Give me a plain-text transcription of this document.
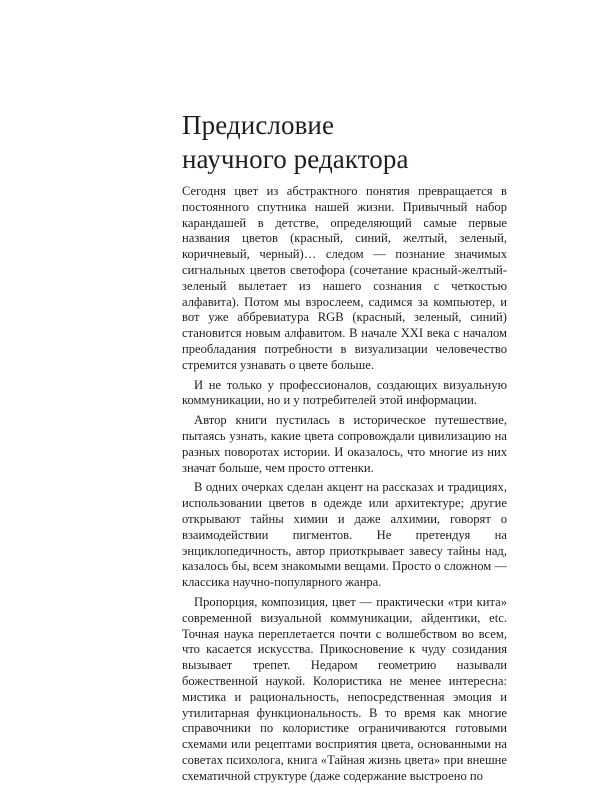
Предисловие
научного редактора

Сегодня цвет из абстрактного понятия превращается в постоянного спутника нашей жизни. Привычный набор карандашей в детстве, определяющий самые первые названия цветов (красный, синий, желтый, зеленый, коричневый, черный)… следом — познание значимых сигнальных цветов светофора (сочетание красный-желтый-зеленый вылетает из нашего сознания с четкостью алфавита). Потом мы взрослеем, садимся за компьютер, и вот уже аббревиатура RGB (красный, зеленый, синий) становится новым алфавитом. В начале XXI века с началом преобладания потребности в визуализации человечество стремится узнавать о цвете больше.

И не только у профессионалов, создающих визуальную коммуникации, но и у потребителей этой информации.

Автор книги пустилась в историческое путешествие, пытаясь узнать, какие цвета сопровождали цивилизацию на разных поворотах истории. И оказалось, что многие из них значат больше, чем просто оттенки.

В одних очерках сделан акцент на рассказах и традициях, использовании цветов в одежде или архитектуре; другие открывают тайны химии и даже алхимии, говорят о взаимодействии пигментов. Не претендуя на энциклопедичность, автор приоткрывает завесу тайны над, казалось бы, всем знакомыми вещами. Просто о сложном — классика научно-популярного жанра.

Пропорция, композиция, цвет — практически «три кита» современной визуальной коммуникации, айдентики, etc. Точная наука переплетается почти с волшебством во всем, что касается искусства. Прикосновение к чуду созидания вызывает трепет. Недаром геометрию называли божественной наукой. Колористика не менее интересна: мистика и рациональность, непосредственная эмоция и утилитарная функциональность. В то время как многие справочники по колористике ограничиваются готовыми схемами или рецептами восприятия цвета, основанными на советах психолога, книга «Тайная жизнь цвета» при внешне схематичной структуре (даже содержание выстроено по
